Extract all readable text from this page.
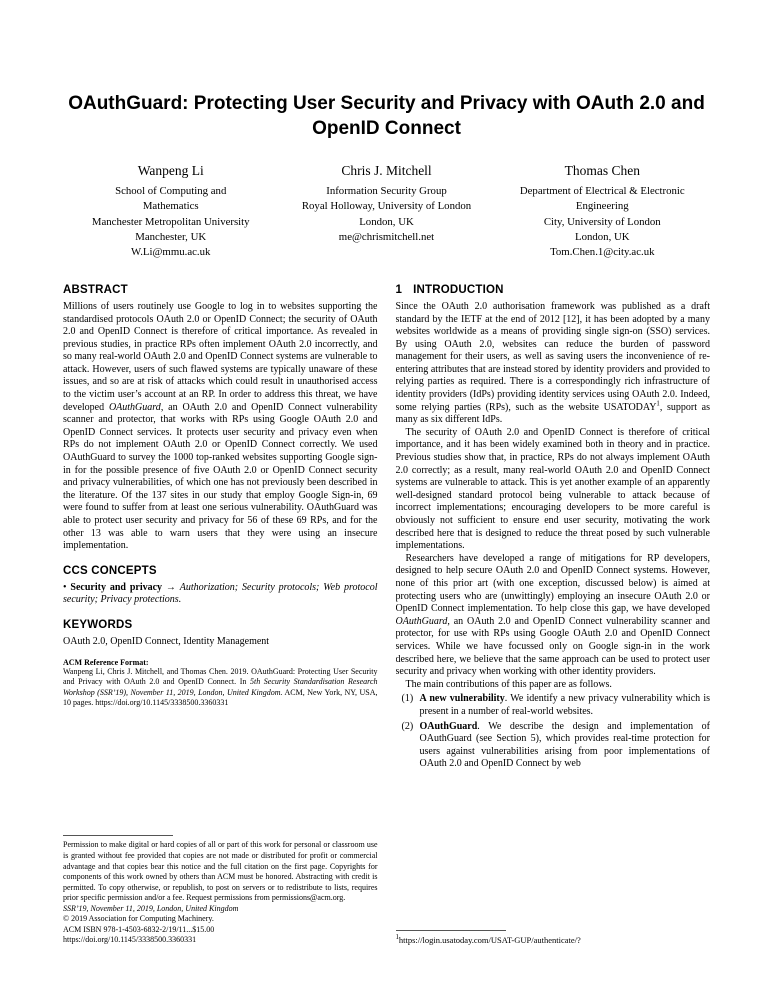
OAuthGuard: Protecting User Security and Privacy with OAuth 2.0 and OpenID Connect
Wanpeng Li
School of Computing and
Mathematics
Manchester Metropolitan University
Manchester, UK
W.Li@mmu.ac.uk
Chris J. Mitchell
Information Security Group
Royal Holloway, University of London
London, UK
me@chrismitchell.net
Thomas Chen
Department of Electrical & Electronic
Engineering
City, University of London
London, UK
Tom.Chen.1@city.ac.uk
ABSTRACT

Millions of users routinely use Google to log in to websites supporting the standardised protocols OAuth 2.0 or OpenID Connect; the security of OAuth 2.0 and OpenID Connect is therefore of critical importance. As revealed in previous studies, in practice RPs often implement OAuth 2.0 incorrectly, and so many real-world OAuth 2.0 and OpenID Connect systems are vulnerable to attack. However, users of such flawed systems are typically unaware of these issues, and so are at risk of attacks which could result in unauthorised access to the victim user’s account at an RP. In order to address this threat, we have developed OAuthGuard, an OAuth 2.0 and OpenID Connect vulnerability scanner and protector, that works with RPs using Google OAuth 2.0 and OpenID Connect services. It protects user security and privacy even when RPs do not implement OAuth 2.0 or OpenID Connect correctly. We used OAuthGuard to survey the 1000 top-ranked websites supporting Google sign-in for the possible presence of five OAuth 2.0 or OpenID Connect security and privacy vulnerabilities, of which one has not previously been described in the literature. Of the 137 sites in our study that employ Google Sign-in, 69 were found to suffer from at least one serious vulnerability. OAuthGuard was able to protect user security and privacy for 56 of these 69 RPs, and for the other 13 was able to warn users that they were using an insecure implementation.

CCS CONCEPTS

• Security and privacy → Authorization; Security protocols; Web protocol security; Privacy protections.

KEYWORDS

OAuth 2.0, OpenID Connect, Identity Management

ACM Reference Format:

Wanpeng Li, Chris J. Mitchell, and Thomas Chen. 2019. OAuthGuard: Protecting User Security and Privacy with OAuth 2.0 and OpenID Connect. In 5th Security Standardisation Research Workshop (SSR’19), November 11, 2019, London, United Kingdom. ACM, New York, NY, USA, 10 pages. https://doi.org/10.1145/3338500.3360331

Permission to make digital or hard copies of all or part of this work for personal or classroom use is granted without fee provided that copies are not made or distributed for profit or commercial advantage and that copies bear this notice and the full citation on the first page. Copyrights for components of this work owned by others than ACM must be honored. Abstracting with credit is permitted. To copy otherwise, or republish, to post on servers or to redistribute to lists, requires prior specific permission and/or a fee. Request permissions from permissions@acm.org.

SSR’19, November 11, 2019, London, United Kingdom

© 2019 Association for Computing Machinery.

ACM ISBN 978-1-4503-6832-2/19/11...$15.00

https://doi.org/10.1145/3338500.3360331

1 INTRODUCTION

Since the OAuth 2.0 authorisation framework was published as a draft standard by the IETF at the end of 2012 [12], it has been adopted by a many websites worldwide as a means of providing single sign-on (SSO) services. By using OAuth 2.0, websites can reduce the burden of password management for their users, as well as saving users the inconvenience of re-entering attributes that are instead stored by identity providers and provided to relying parties as required. There is a correspondingly rich infrastructure of identity providers (IdPs) providing identity services using OAuth 2.0. Indeed, some relying parties (RPs), such as the website USATODAY$^1$, support as many as six different IdPs.

The security of OAuth 2.0 and OpenID Connect is therefore of critical importance, and it has been widely examined both in theory and in practice. Previous studies show that, in practice, RPs do not always implement OAuth 2.0 correctly; as a result, many real-world OAuth 2.0 and OpenID Connect systems are vulnerable to attack. This is yet another example of an apparently well-designed standard protocol being vulnerable to attack because of incorrect implementations; encouraging developers to be more careful is obviously not sufficient to ensure end user security, motivating the work described here that is designed to reduce the threat posed by such vulnerable implementations.

Researchers have developed a range of mitigations for RP developers, designed to help secure OAuth 2.0 and OpenID Connect systems. However, none of this prior art (with one exception, discussed below) is aimed at protecting users who are (unwittingly) employing an insecure OAuth 2.0 or OpenID Connect implementation. To help close this gap, we have developed OAuthGuard, an OAuth 2.0 and OpenID Connect vulnerability scanner and protector, for use with RPs using Google OAuth 2.0 and OpenID Connect services. While we have focussed only on Google sign-in in the work described here, we believe that the same approach can be used to protect user security and privacy when working with other identity providers.

The main contributions of this paper are as follows.

(1) A new vulnerability. We identify a new privacy vulnerability which is present in a number of real-world websites.
(2) OAuthGuard. We describe the design and implementation of OAuthGuard (see Section 5), which provides real-time protection for users against vulnerabilities arising from poor implementations of OAuth 2.0 and OpenID Connect by web

$^1$https://login.usatoday.com/USAT-GUP/authenticate/?
